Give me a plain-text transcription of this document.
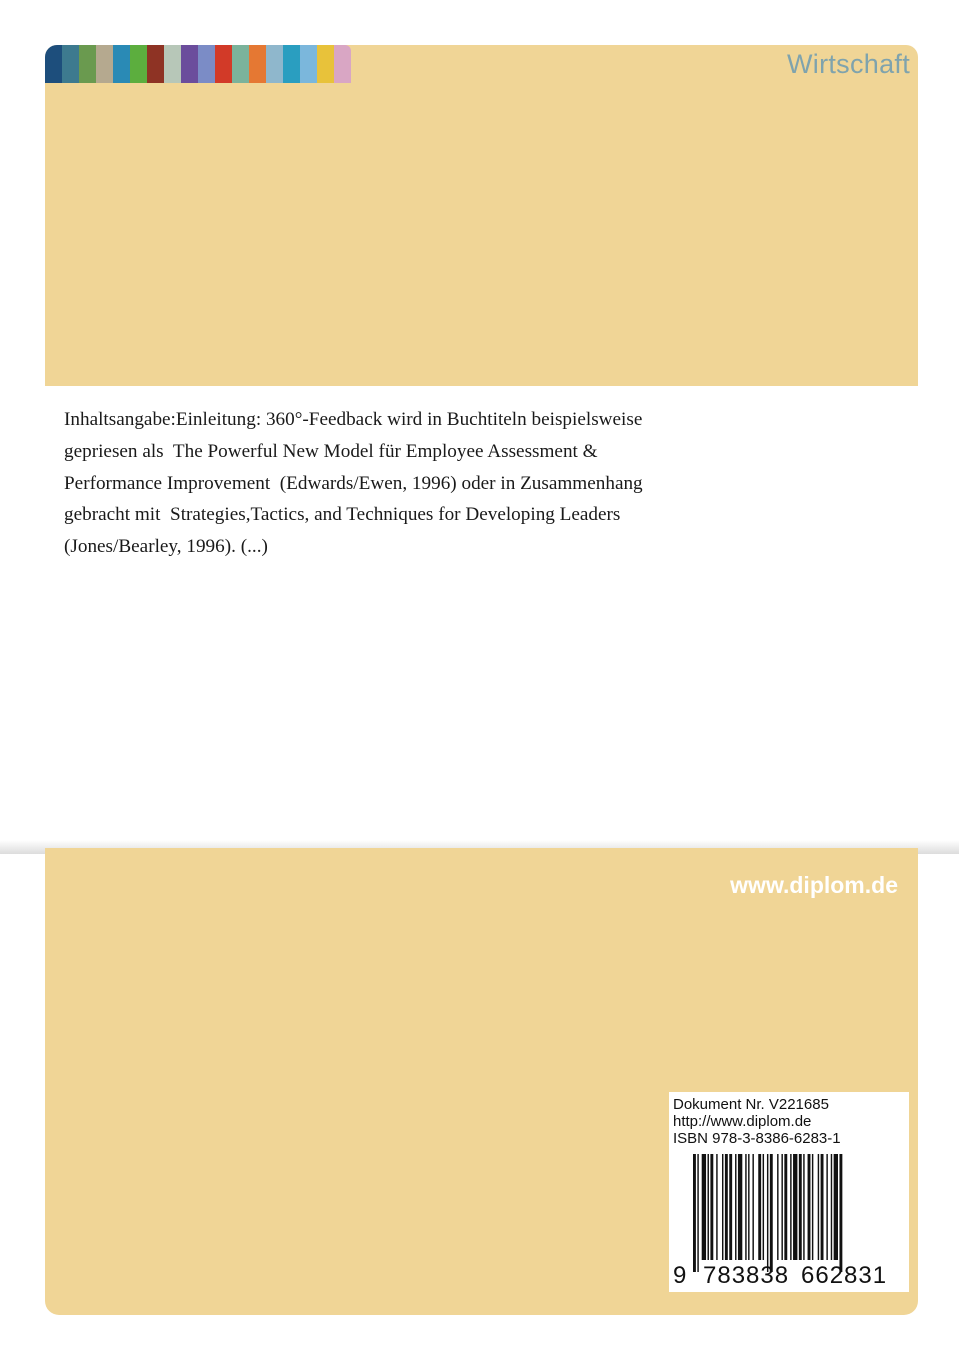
Wirtschaft
Inhaltsangabe:Einleitung: 360°-Feedback wird in Buchtiteln beispielsweise
gepriesen als  The Powerful New Model für Employee Assessment &
Performance Improvement  (Edwards/Ewen, 1996) oder in Zusammenhang
gebracht mit  Strategies,Tactics, and Techniques for Developing Leaders
(Jones/Bearley, 1996). (...)
www.diplom.de
Dokument Nr. V221685
http://www.diplom.de
ISBN 978-3-8386-6283-1
9 783838 662831
